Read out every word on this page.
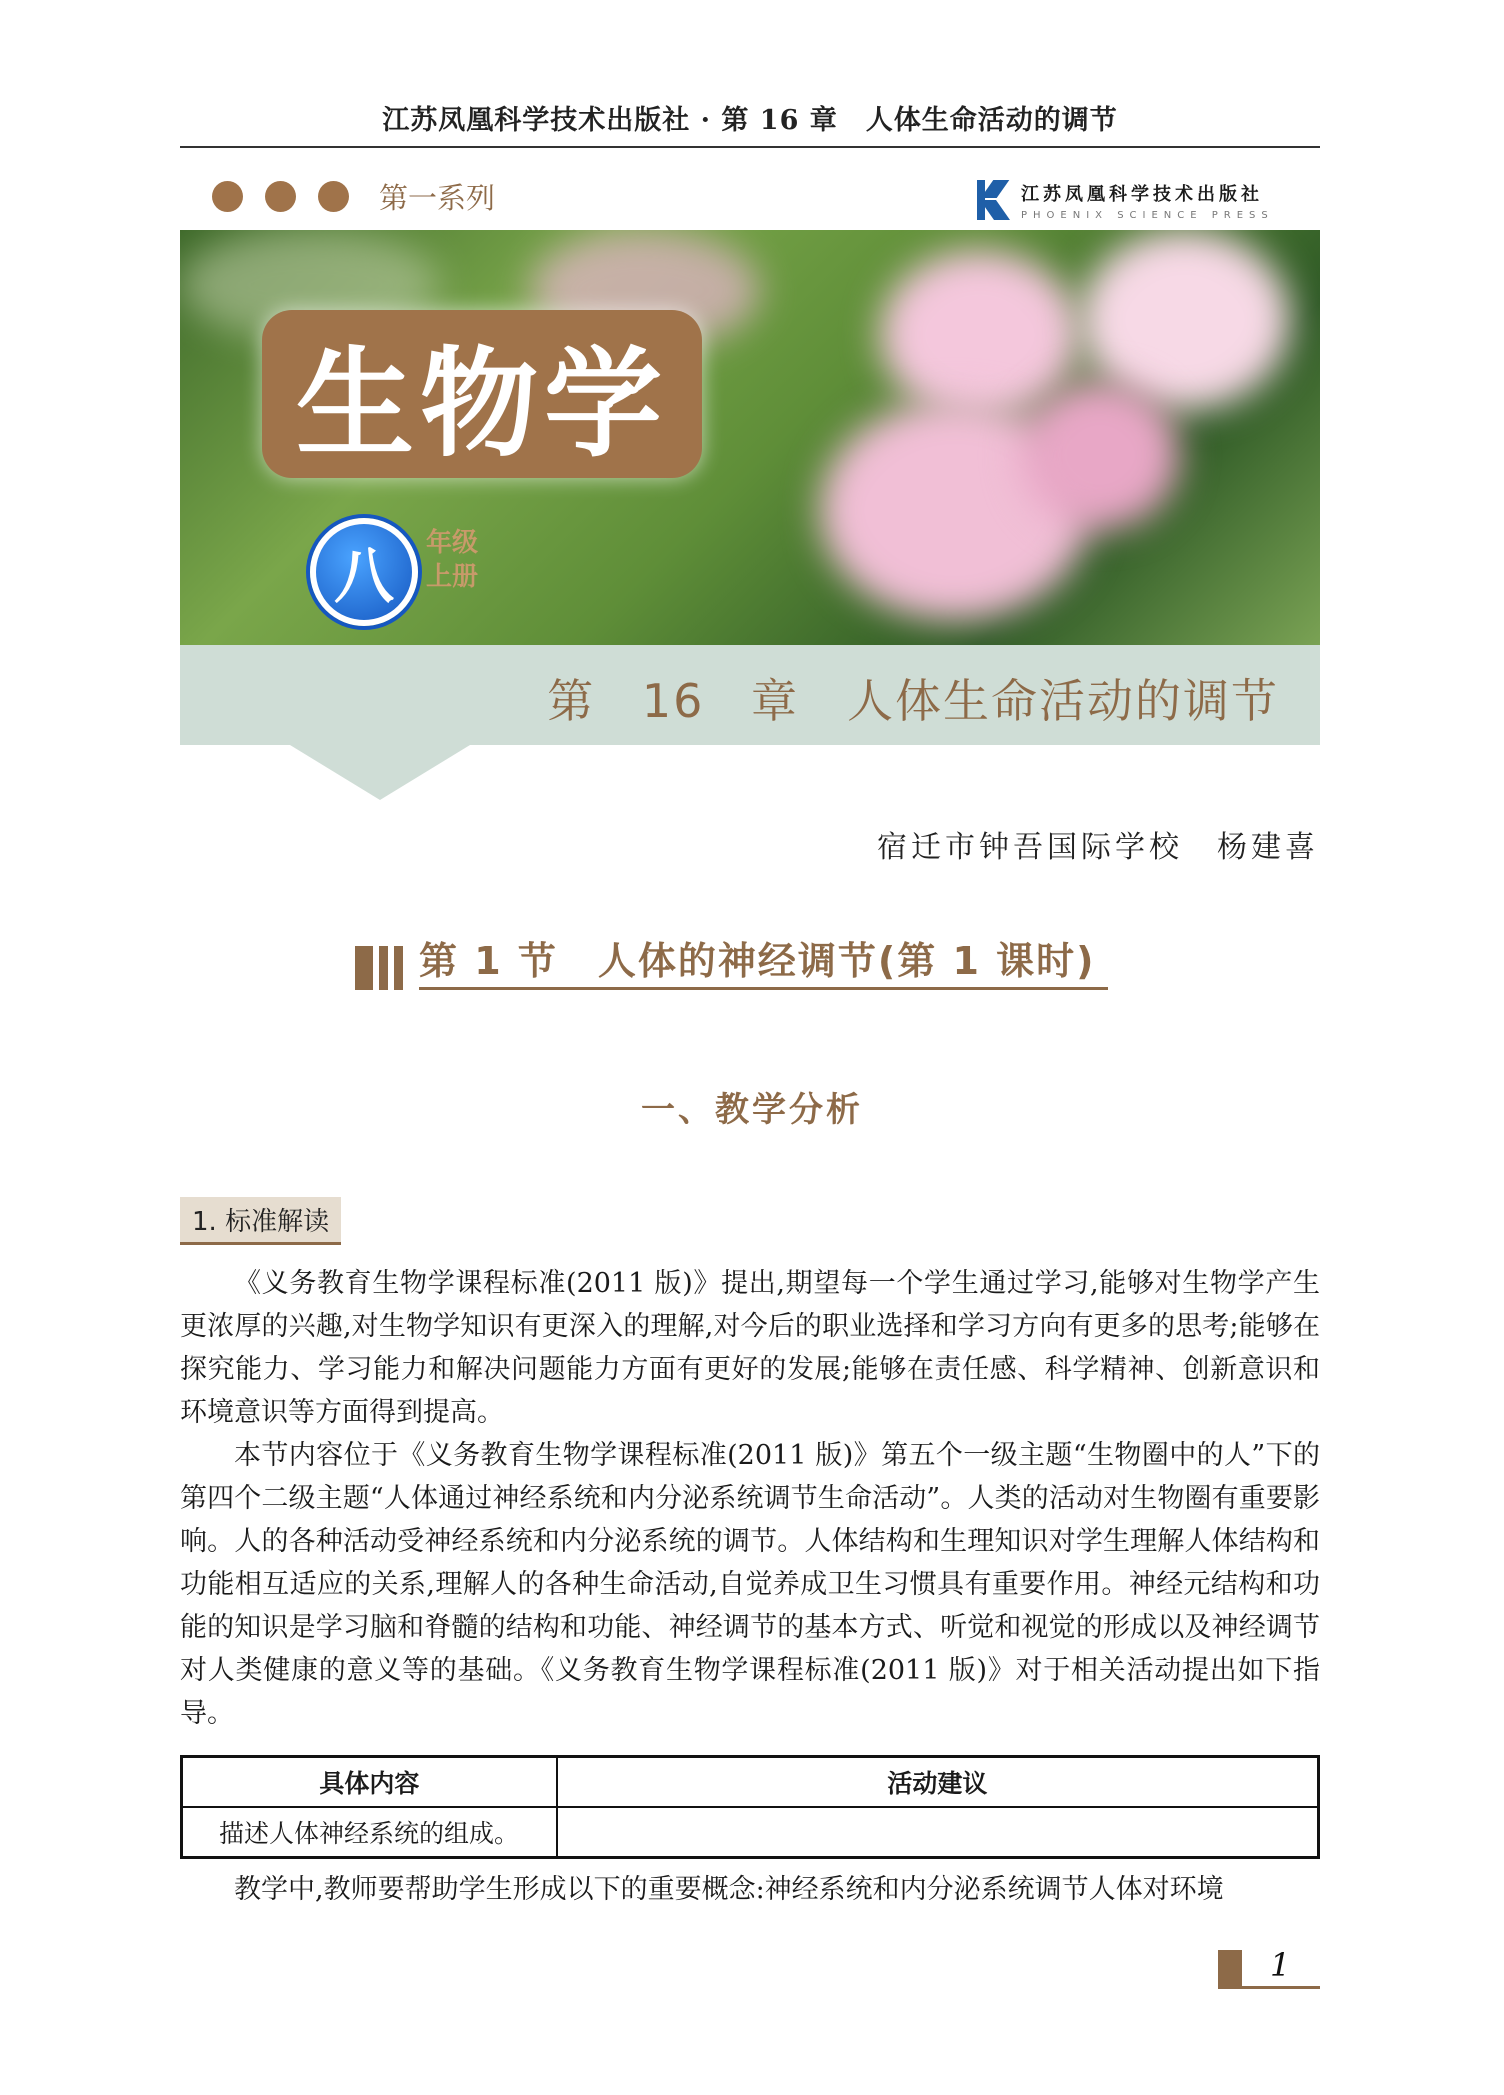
江苏凤凰科学技术出版社 · 第 16 章　人体生命活动的调节
第一系列	江苏凤凰科学技术出版社
PHOENIX SCIENCE PRESS
生物学
八 年级
上册
第 16 章　人体生命活动的调节
宿迁市钟吾国际学校　杨建喜
第 1 节　人体的神经调节(第 1 课时)
一、教学分析
1. 标准解读

《义务教育生物学课程标准(2011 版)》提出,期望每一个学生通过学习,能够对生物学产生更浓厚的兴趣,对生物学知识有更深入的理解,对今后的职业选择和学习方向有更多的思考;能够在探究能力、学习能力和解决问题能力方面有更好的发展;能够在责任感、科学精神、创新意识和环境意识等方面得到提高。

本节内容位于《义务教育生物学课程标准(2011 版)》第五个一级主题“生物圈中的人”下的第四个二级主题“人体通过神经系统和内分泌系统调节生命活动”。人类的活动对生物圈有重要影响。人的各种活动受神经系统和内分泌系统的调节。人体结构和生理知识对学生理解人体结构和功能相互适应的关系,理解人的各种生命活动,自觉养成卫生习惯具有重要作用。神经元结构和功能的知识是学习脑和脊髓的结构和功能、神经调节的基本方式、听觉和视觉的形成以及神经调节对人类健康的意义等的基础。《义务教育生物学课程标准(2011 版)》对于相关活动提出如下指导。

具体内容	活动建议
描述人体神经系统的组成。	

教学中,教师要帮助学生形成以下的重要概念:神经系统和内分泌系统调节人体对环境

1
